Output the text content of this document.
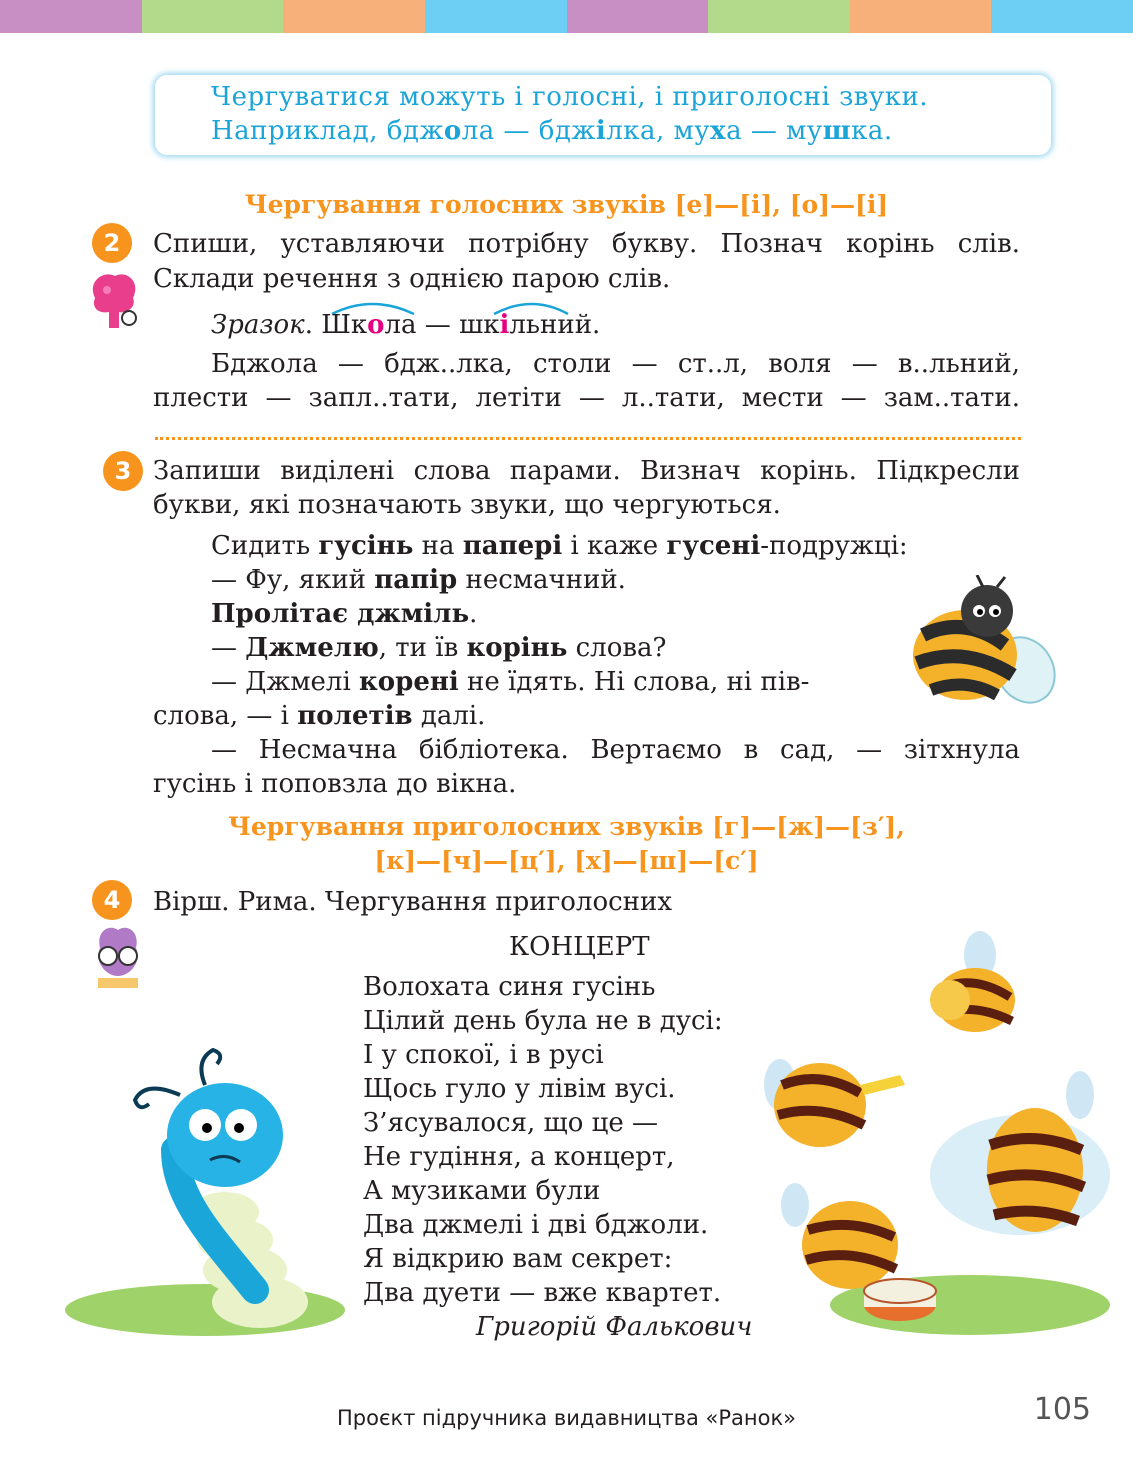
Чергуватися можуть і голосні, і приголосні звуки.
Наприклад, бджола — бджілка, муха — мушка.
Чергування голосних звуків [е]—[і], [о]—[і]
2	Спиши, уставляючи потрібну букву. Познач корінь слів.
Склади речення з однією парою слів.
Зразок. Школа — шкільний.
Бджола — бдж..лка, столи — ст..л, воля — в..льний,
плести — запл..тати, летіти — л..тати, мести — зам..тати.
3 Запиши виділені слова парами. Визнач корінь. Підкресли
букви, які позначають звуки, що чергуються.
Сидить гусінь на папері і каже гусені-подружці:
— Фу, який папір несмачний.
Пролітає джміль.
— Джмелю, ти їв корінь слова?
— Джмелі корені не їдять. Ні слова, ні пів-
слова, — і полетів далі.
— Несмачна бібліотека. Вертаємо в сад, — зітхнула
гусінь і поповзла до вікна.
Чергування приголосних звуків [г]—[ж]—[з′],
[к]—[ч]—[ц′], [х]—[ш]—[с′]
4	Вірш. Рима. Чергування приголосних
КОНЦЕРТ
Волохата синя гусінь
Цілий день була не в дусі:
І у спокої, і в русі
Щось гуло у лівім вусі.
З’ясувалося, що це —
Не гудіння, а концерт,
А музиками були
Два джмелі і дві бджоли.
Я відкрию вам секрет:
Два дуети — вже квартет.
Григорій Фалькович
Проєкт підручника видавництва «Ранок»	105
